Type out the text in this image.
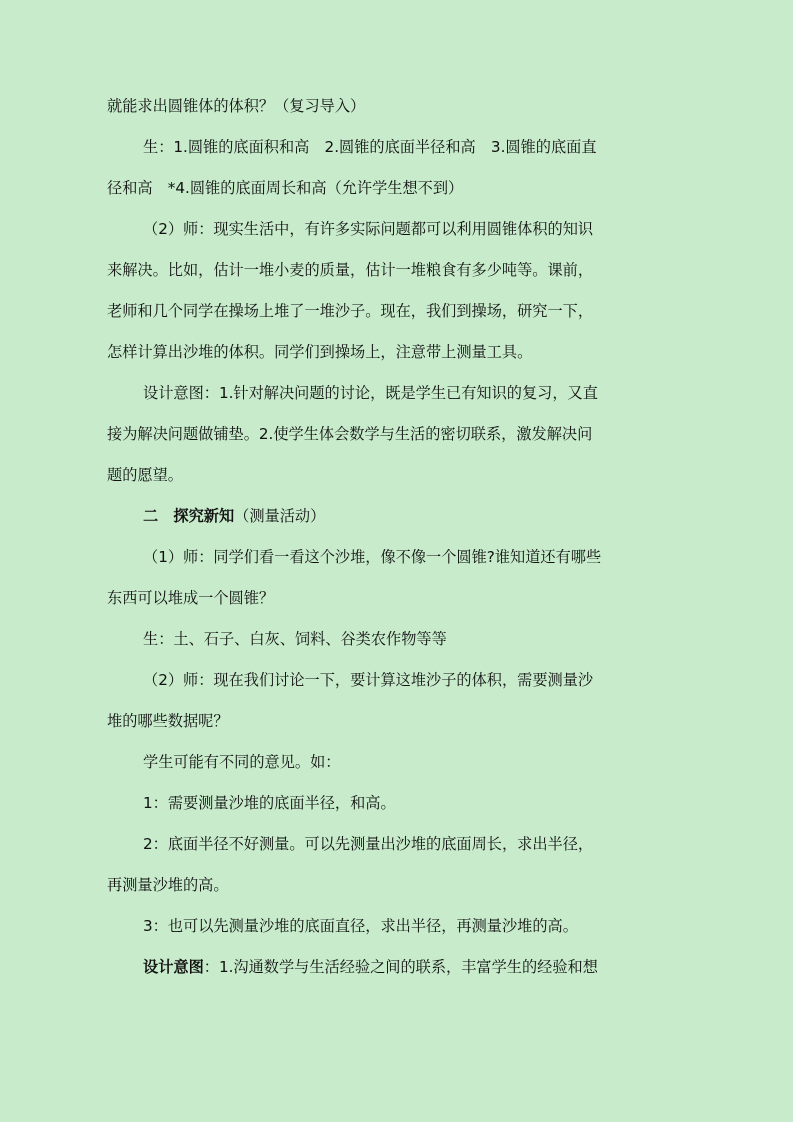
就能求出圆锥体的体积？（复习导入）
生：1.圆锥的底面积和高　2.圆锥的底面半径和高　3.圆锥的底面直
径和高　*4.圆锥的底面周长和高（允许学生想不到）
（2）师：现实生活中，有许多实际问题都可以利用圆锥体积的知识
来解决。比如，估计一堆小麦的质量，估计一堆粮食有多少吨等。课前，
老师和几个同学在操场上堆了一堆沙子。现在，我们到操场，研究一下，
怎样计算出沙堆的体积。同学们到操场上，注意带上测量工具。
设计意图：1.针对解决问题的讨论，既是学生已有知识的复习，又直
接为解决问题做铺垫。2.使学生体会数学与生活的密切联系，激发解决问
题的愿望。
二　探究新知（测量活动）
（1）师：同学们看一看这个沙堆，像不像一个圆锥?谁知道还有哪些
东西可以堆成一个圆锥？
生：土、石子、白灰、饲料、谷类农作物等等
（2）师：现在我们讨论一下，要计算这堆沙子的体积，需要测量沙
堆的哪些数据呢？
学生可能有不同的意见。如：
1：需要测量沙堆的底面半径，和高。
2：底面半径不好测量。可以先测量出沙堆的底面周长，求出半径，
再测量沙堆的高。
3：也可以先测量沙堆的底面直径，求出半径，再测量沙堆的高。
设计意图：1.沟通数学与生活经验之间的联系，丰富学生的经验和想
